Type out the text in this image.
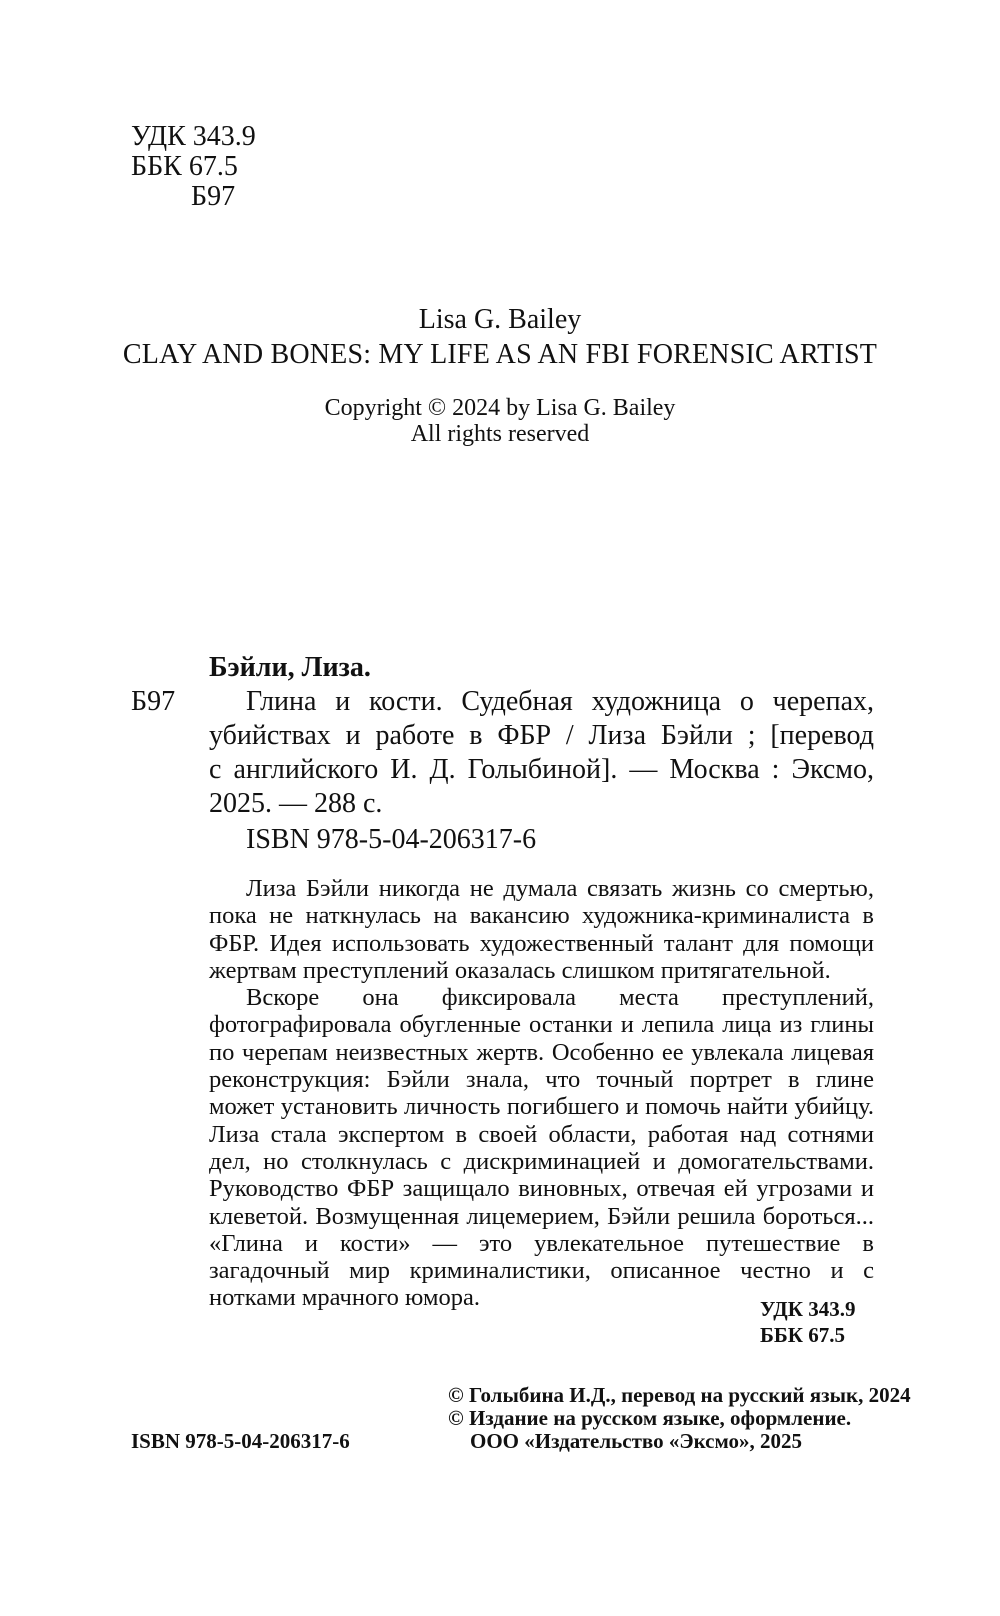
УДК 343.9
ББК 67.5
Б97
Lisa G. Bailey
CLAY AND BONES: MY LIFE AS AN FBI FORENSIC ARTIST
Copyright © 2024 by Lisa G. Bailey
All rights reserved
Бэйли, Лиза.
Б97	Глина и кости. Судебная художница о черепах,
убийствах и работе в ФБР / Лиза Бэйли ; [перевод
с английского И. Д. Голыбиной]. — Москва : Эксмо,
2025. — 288 с.
ISBN 978-5-04-206317-6

Лиза Бэйли никогда не думала связать жизнь со смертью, пока не наткнулась на вакансию художника-криминалиста в ФБР. Идея использовать художественный талант для помощи жертвам преступлений оказалась слишком притягательной.

Вскоре она фиксировала места преступлений, фотографировала обугленные останки и лепила лица из глины по черепам неизвестных жертв. Особенно ее увлекала лицевая реконструкция: Бэйли знала, что точный портрет в глине может установить личность погибшего и помочь найти убийцу. Лиза стала экспертом в своей области, работая над сотнями дел, но столкнулась с дискриминацией и домогательствами. Руководство ФБР защищало виновных, отвечая ей угрозами и клеветой. Возмущенная лицемерием, Бэйли решила бороться... «Глина и кости» — это увлекательное путешествие в загадочный мир криминалистики, описанное честно и с нотками мрачного юмора.	УДК 343.9
ББК 67.5
ISBN 978-5-04-206317-6
© Голыбина И.Д., перевод на русский язык, 2024
© Издание на русском языке, оформление.
ООО «Издательство «Эксмо», 2025
